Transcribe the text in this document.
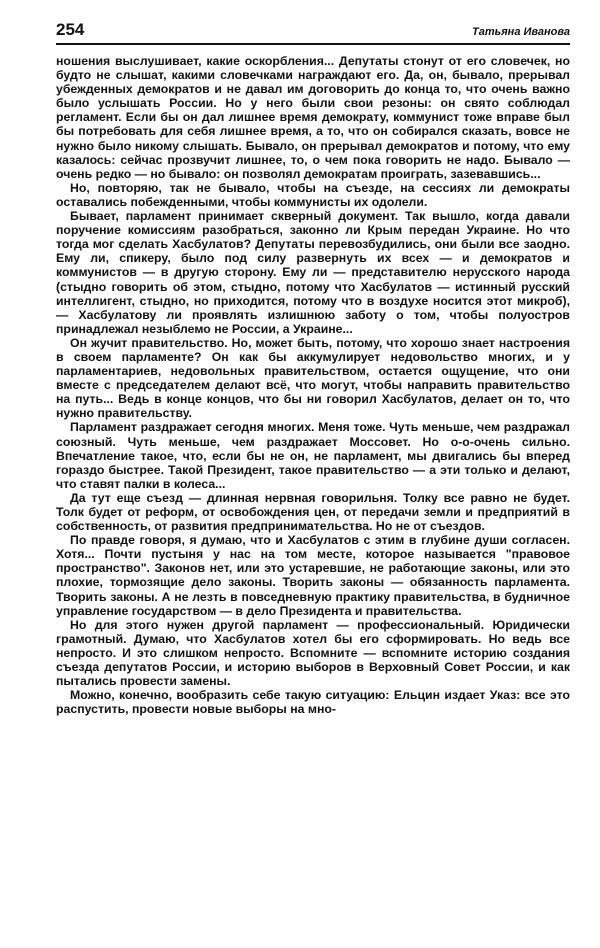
254	Татьяна Иванова

ношения выслушивает, какие оскорбления... Депутаты стонут от его словечек, но будто не слышат, какими словечками награждают его. Да, он, бывало, прерывал убежденных демократов и не давал им договорить до конца то, что очень важно было услышать России. Но у него были свои резоны: он свято соблюдал регламент. Если бы он дал лишнее время демократу, коммунист тоже вправе был бы потребовать для себя лишнее время, а то, что он собирался сказать, вовсе не нужно было никому слышать. Бывало, он прерывал демократов и потому, что ему казалось: сейчас прозвучит лишнее, то, о чем пока говорить не надо. Бывало — очень редко — но бывало: он позволял демократам проиграть, зазевавшись...

Но, повторяю, так не бывало, чтобы на съезде, на сессиях ли демократы оставались побежденными, чтобы коммунисты их одолели.

Бывает, парламент принимает скверный документ. Так вышло, когда давали поручение комиссиям разобраться, законно ли Крым передан Украине. Но что тогда мог сделать Хасбулатов? Депутаты перевозбудились, они были все заодно. Ему ли, спикеру, было под силу развернуть их всех — и демократов и коммунистов — в другую сторону. Ему ли — представителю нерусского народа (стыдно говорить об этом, стыдно, потому что Хасбулатов — истинный русский интеллигент, стыдно, но приходится, потому что в воздухе носится этот микроб), — Хасбулатову ли проявлять излишнюю заботу о том, чтобы полуостров принадлежал незыблемо не России, а Украине...

Он жучит правительство. Но, может быть, потому, что хорошо знает настроения в своем парламенте? Он как бы аккумулирует недовольство многих, и у парламентариев, недовольных правительством, остается ощущение, что они вместе с председателем делают всё, что могут, чтобы направить правительство на путь... Ведь в конце концов, что бы ни говорил Хасбулатов, делает он то, что нужно правительству.

Парламент раздражает сегодня многих. Меня тоже. Чуть меньше, чем раздражал союзный. Чуть меньше, чем раздражает Моссовет. Но о-о-очень сильно. Впечатление такое, что, если бы не он, не парламент, мы двигались бы вперед гораздо быстрее. Такой Президент, такое правительство — а эти только и делают, что ставят палки в колеса...

Да тут еще съезд — длинная нервная говорильня. Толку все равно не будет. Толк будет от реформ, от освобождения цен, от передачи земли и предприятий в собственность, от развития предпринимательства. Но не от съездов.

По правде говоря, я думаю, что и Хасбулатов с этим в глубине души согласен. Хотя... Почти пустыня у нас на том месте, которое называется "правовое пространство". Законов нет, или это устаревшие, не работающие законы, или это плохие, тормозящие дело законы. Творить законы — обязанность парламента. Творить законы. А не лезть в повседневную практику правительства, в будничное управление государством — в дело Президента и правительства.

Но для этого нужен другой парламент — профессиональный. Юридически грамотный. Думаю, что Хасбулатов хотел бы его сформировать. Но ведь все непросто. И это слишком непросто. Вспомните — вспомните историю создания съезда депутатов России, и историю выборов в Верховный Совет России, и как пытались провести замены.

Можно, конечно, вообразить себе такую ситуацию: Ельцин издает Указ: все это распустить, провести новые выборы на мно-
